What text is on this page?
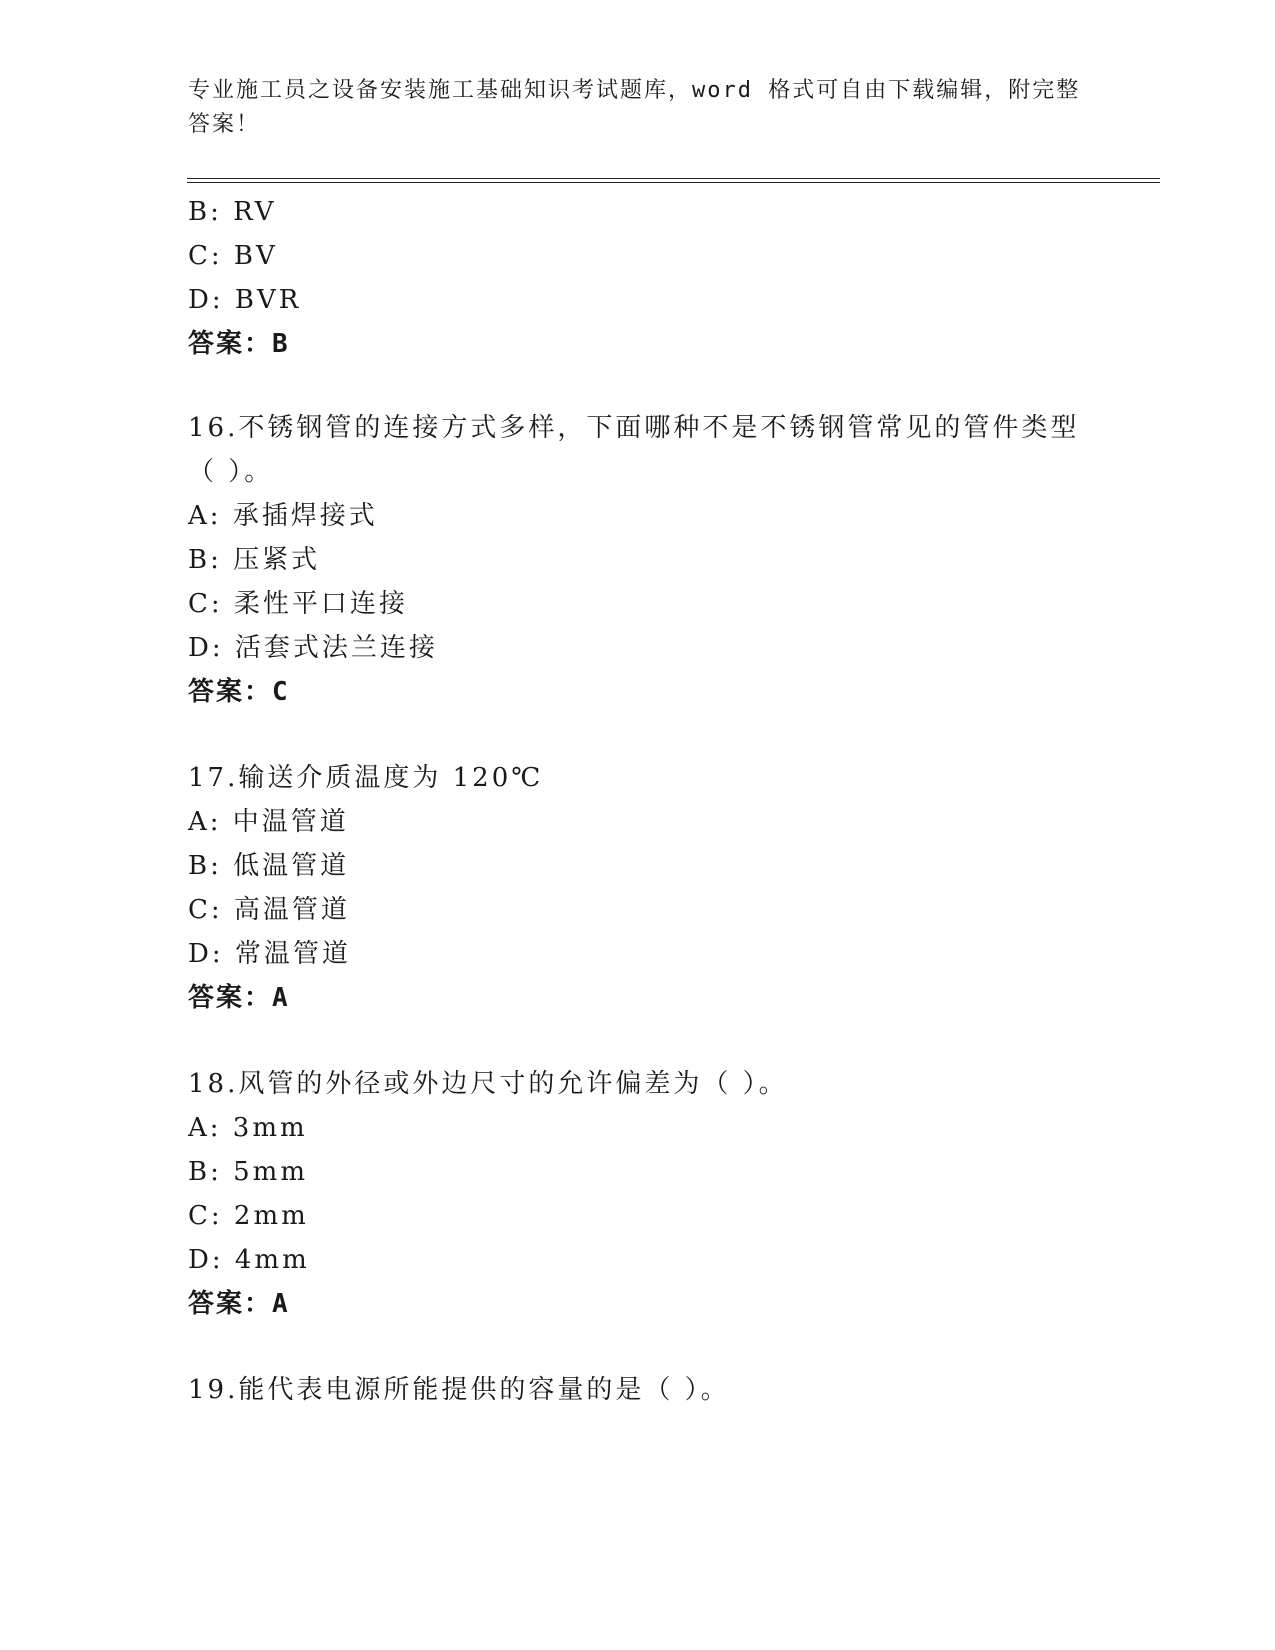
专业施工员之设备安装施工基础知识考试题库，word 格式可自由下载编辑，附完整答案！

B: RV

C: BV

D: BVR

答案：B

16.不锈钢管的连接方式多样，下面哪种不是不锈钢管常见的管件类型

（ ）。

A: 承插焊接式

B: 压紧式

C: 柔性平口连接

D: 活套式法兰连接

答案：C

17.输送介质温度为 120℃

A: 中温管道

B: 低温管道

C: 高温管道

D: 常温管道

答案：A

18.风管的外径或外边尺寸的允许偏差为（ ）。

A: 3mm

B: 5mm

C: 2mm

D: 4mm

答案：A

19.能代表电源所能提供的容量的是（ ）。
